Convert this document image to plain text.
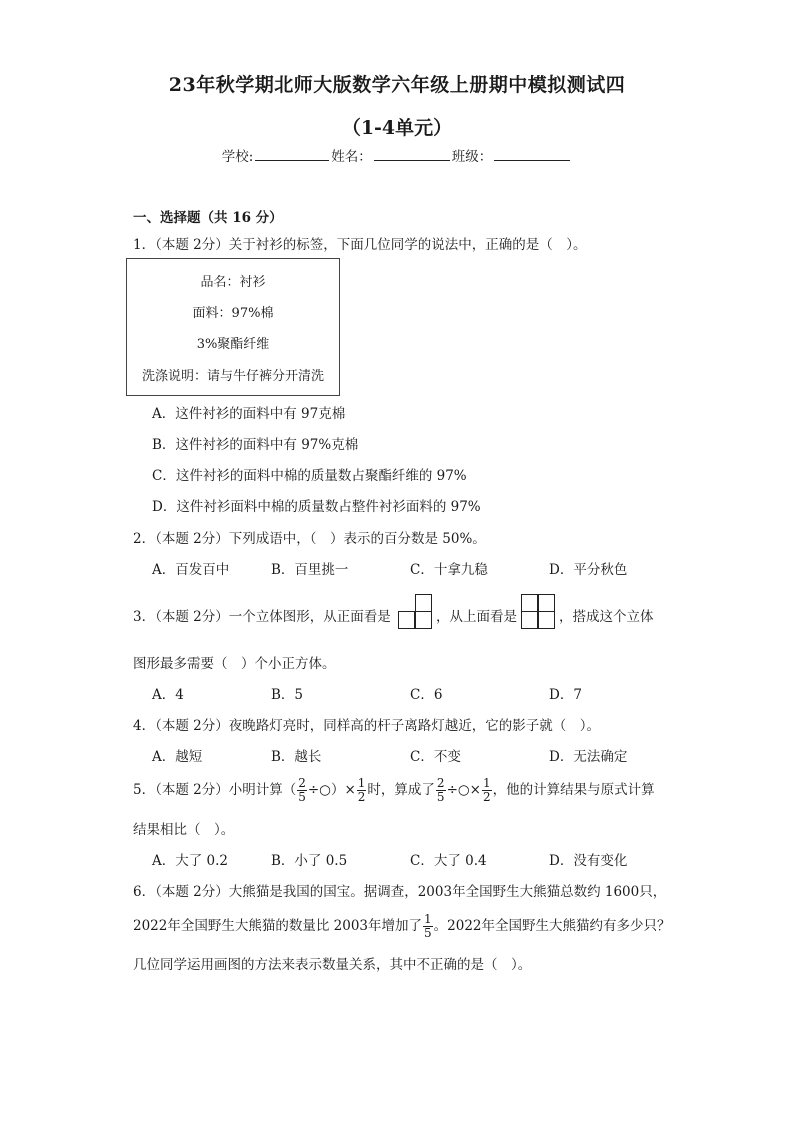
23年秋学期北师大版数学六年级上册期中模拟测试四
（1-4单元）
学校:	姓名：	班级：
一、选择题（共 16 分）
1．（本题 2分）关于衬衫的标签，下面几位同学的说法中，正确的是（　）。
品名：衬衫
面料：97%棉
3%聚酯纤维
洗涤说明：请与牛仔裤分开清洗
A．这件衬衫的面料中有 97克棉
B．这件衬衫的面料中有 97%克棉
C．这件衬衫的面料中棉的质量数占聚酯纤维的 97%
D．这件衬衫面料中棉的质量数占整件衬衫面料的 97%
2．（本题 2分）下列成语中，（　）表示的百分数是 50%。
A．百发百中	B．百里挑一	C．十拿九稳	D．平分秋色
3．（本题 2分）一个立体图形，从正面看是	，从上面看是	，搭成这个立体
图形最多需要（　）个小正方体。
A．4	B．5	C．6	D．7
4．（本题 2分）夜晚路灯亮时，同样高的杆子离路灯越近，它的影子就（　）。
A．越短	B．越长	C．不变	D．无法确定
5．（本题 2分）小明计算（ $\frac{2}{5}$ ÷○）× $\frac{1}{2}$ 时，算成了 $\frac{2}{5}$ ÷○× $\frac{1}{2}$ ，他的计算结果与原式计算
结果相比（　）。
A．大了 0.2	B．小了 0.5	C．大了 0.4	D．没有变化
6．（本题 2分）大熊猫是我国的国宝。据调查，2003年全国野生大熊猫总数约 1600只，
2022年全国野生大熊猫的数量比 2003年增加了 $\frac{1}{5}$ 。2022年全国野生大熊猫约有多少只？
几位同学运用画图的方法来表示数量关系，其中不正确的是（　）。
